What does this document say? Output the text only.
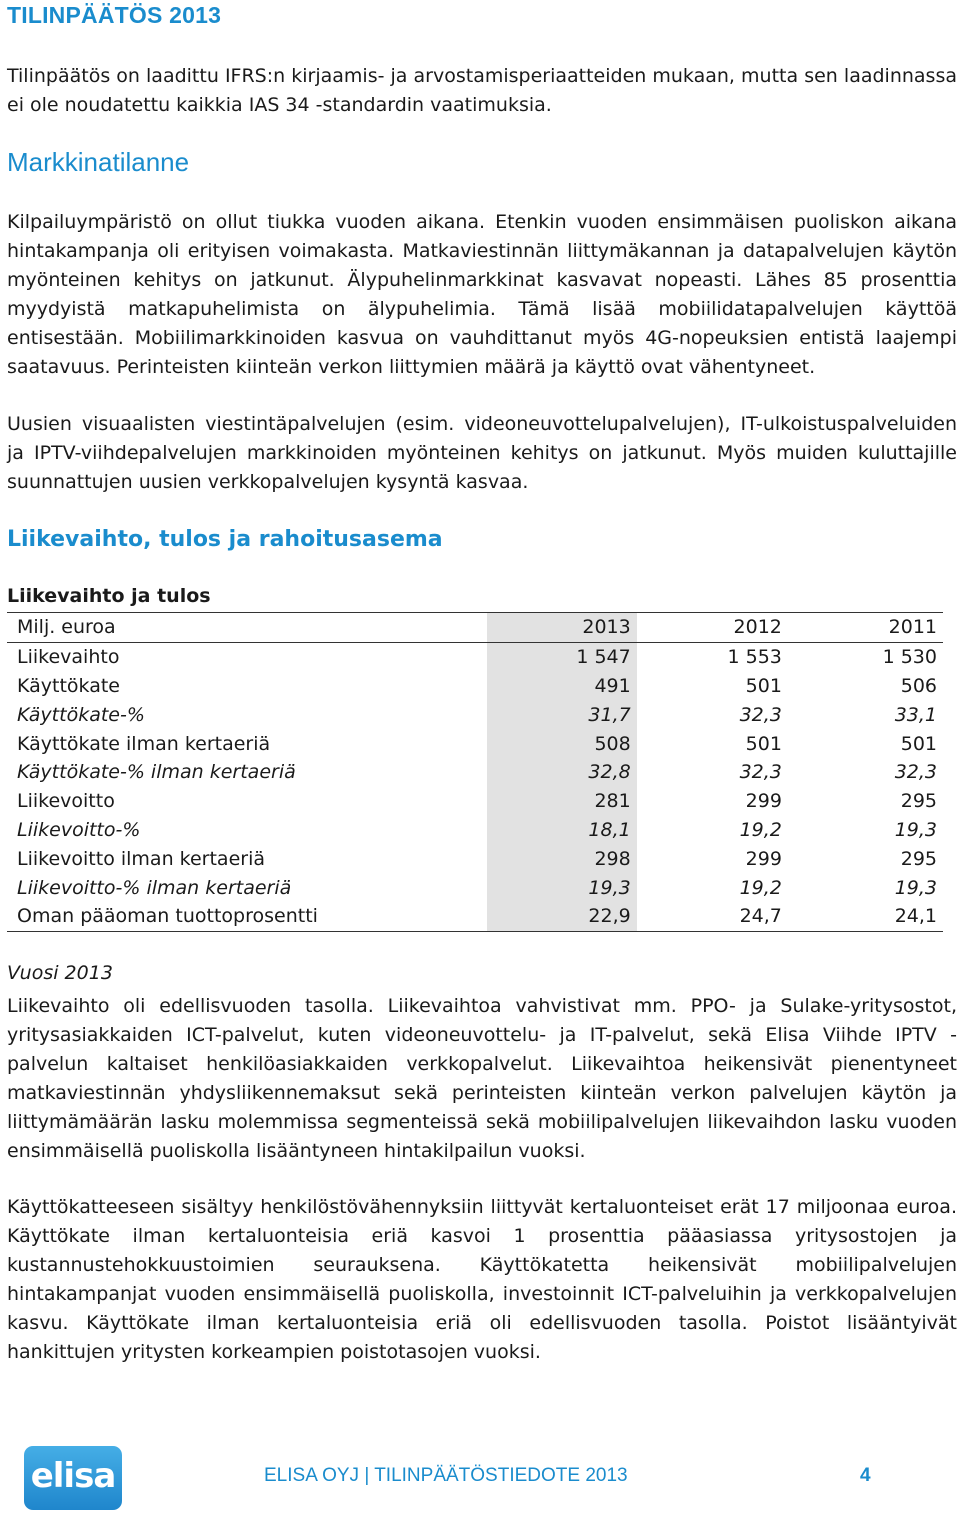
TILINPÄÄTÖS 2013
Tilinpäätös on laadittu IFRS:n kirjaamis- ja arvostamisperiaatteiden mukaan, mutta sen laadinnassa ei ole noudatettu kaikkia IAS 34 -standardin vaatimuksia.
Markkinatilanne
Kilpailuympäristö on ollut tiukka vuoden aikana. Etenkin vuoden ensimmäisen puoliskon aikana hintakampanja oli erityisen voimakasta. Matkaviestinnän liittymäkannan ja datapalvelujen käytön myönteinen kehitys on jatkunut. Älypuhelinmarkkinat kasvavat nopeasti. Lähes 85 prosenttia myydyistä matkapuhelimista on älypuhelimia. Tämä lisää mobiilidatapalvelujen käyttöä entisestään. Mobiilimarkkinoiden kasvua on vauhdittanut myös 4G-nopeuksien entistä laajempi saatavuus. Perinteisten kiinteän verkon liittymien määrä ja käyttö ovat vähentyneet.
Uusien visuaalisten viestintäpalvelujen (esim. videoneuvottelupalvelujen), IT-ulkoistuspalveluiden ja IPTV-viihdepalvelujen markkinoiden myönteinen kehitys on jatkunut. Myös muiden kuluttajille suunnattujen uusien verkkopalvelujen kysyntä kasvaa.
Liikevaihto, tulos ja rahoitusasema
Liikevaihto ja tulos
Milj. euroa	2013	2012	2011
Liikevaihto	1 547	1 553	1 530
Käyttökate	491	501	506
Käyttökate-%	31,7	32,3	33,1
Käyttökate ilman kertaeriä	508	501	501
Käyttökate-% ilman kertaeriä	32,8	32,3	32,3
Liikevoitto	281	299	295
Liikevoitto-%	18,1	19,2	19,3
Liikevoitto ilman kertaeriä	298	299	295
Liikevoitto-% ilman kertaeriä	19,3	19,2	19,3
Oman pääoman tuottoprosentti	22,9	24,7	24,1
Vuosi 2013
Liikevaihto oli edellisvuoden tasolla. Liikevaihtoa vahvistivat mm. PPO- ja Sulake-yritysostot, yritysasiakkaiden ICT-palvelut, kuten videoneuvottelu- ja IT-palvelut, sekä Elisa Viihde IPTV -palvelun kaltaiset henkilöasiakkaiden verkkopalvelut. Liikevaihtoa heikensivät pienentyneet matkaviestinnän yhdysliikennemaksut sekä perinteisten kiinteän verkon palvelujen käytön ja liittymämäärän lasku molemmissa segmenteissä sekä mobiilipalvelujen liikevaihdon lasku vuoden ensimmäisellä puoliskolla lisääntyneen hintakilpailun vuoksi.
Käyttökatteeseen sisältyy henkilöstövähennyksiin liittyvät kertaluonteiset erät 17 miljoonaa euroa. Käyttökate ilman kertaluonteisia eriä kasvoi 1 prosenttia pääasiassa yritysostojen ja kustannustehokkuustoimien seurauksena. Käyttökatetta heikensivät mobiilipalvelujen hintakampanjat vuoden ensimmäisellä puoliskolla, investoinnit ICT-palveluihin ja verkkopalvelujen kasvu. Käyttökate ilman kertaluonteisia eriä oli edellisvuoden tasolla. Poistot lisääntyivät hankittujen yritysten korkeampien poistotasojen vuoksi.
elisa	ELISA OYJ | TILINPÄÄTÖSTIEDOTE 2013	4
